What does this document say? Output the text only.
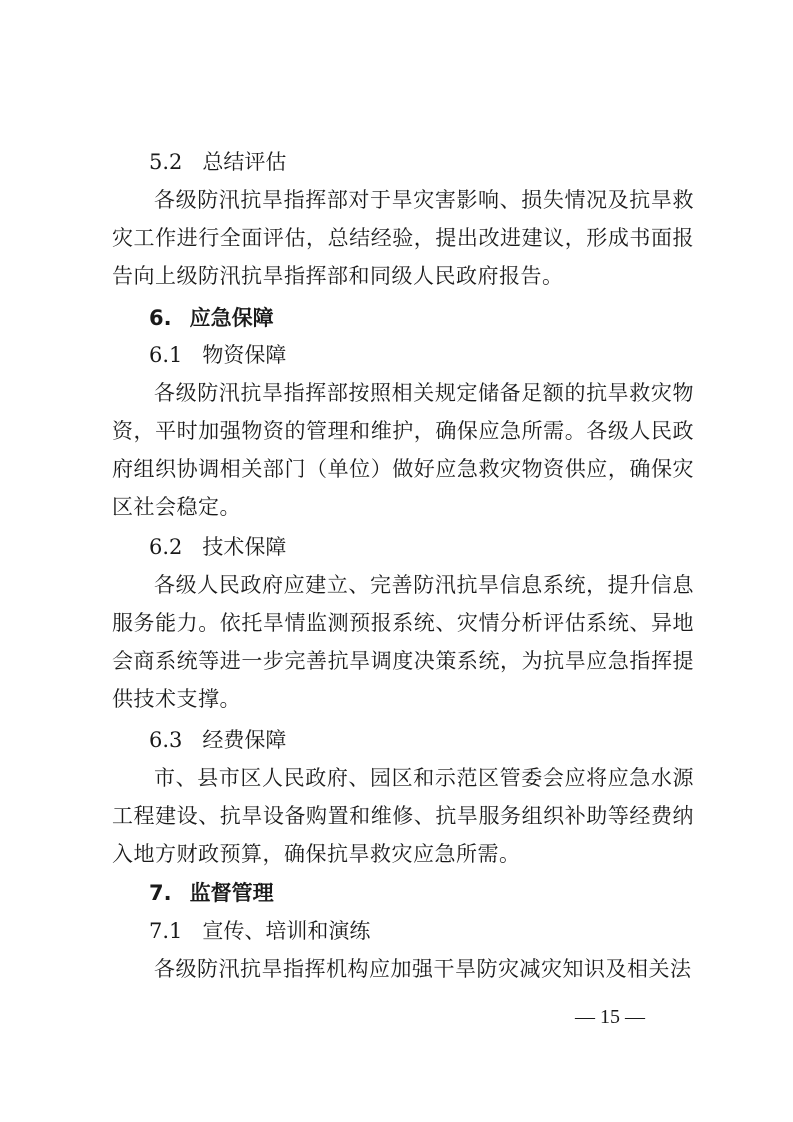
5.2 总结评估
各级防汛抗旱指挥部对于旱灾害影响、损失情况及抗旱救灾工作进行全面评估，总结经验，提出改进建议，形成书面报告向上级防汛抗旱指挥部和同级人民政府报告。
6. 应急保障
6.1 物资保障
各级防汛抗旱指挥部按照相关规定储备足额的抗旱救灾物资，平时加强物资的管理和维护，确保应急所需。各级人民政府组织协调相关部门（单位）做好应急救灾物资供应，确保灾区社会稳定。
6.2 技术保障
各级人民政府应建立、完善防汛抗旱信息系统，提升信息服务能力。依托旱情监测预报系统、灾情分析评估系统、异地会商系统等进一步完善抗旱调度决策系统，为抗旱应急指挥提供技术支撑。
6.3 经费保障
市、县市区人民政府、园区和示范区管委会应将应急水源工程建设、抗旱设备购置和维修、抗旱服务组织补助等经费纳入地方财政预算，确保抗旱救灾应急所需。
7. 监督管理
7.1 宣传、培训和演练
各级防汛抗旱指挥机构应加强干旱防灾减灾知识及相关法
— 15 —
